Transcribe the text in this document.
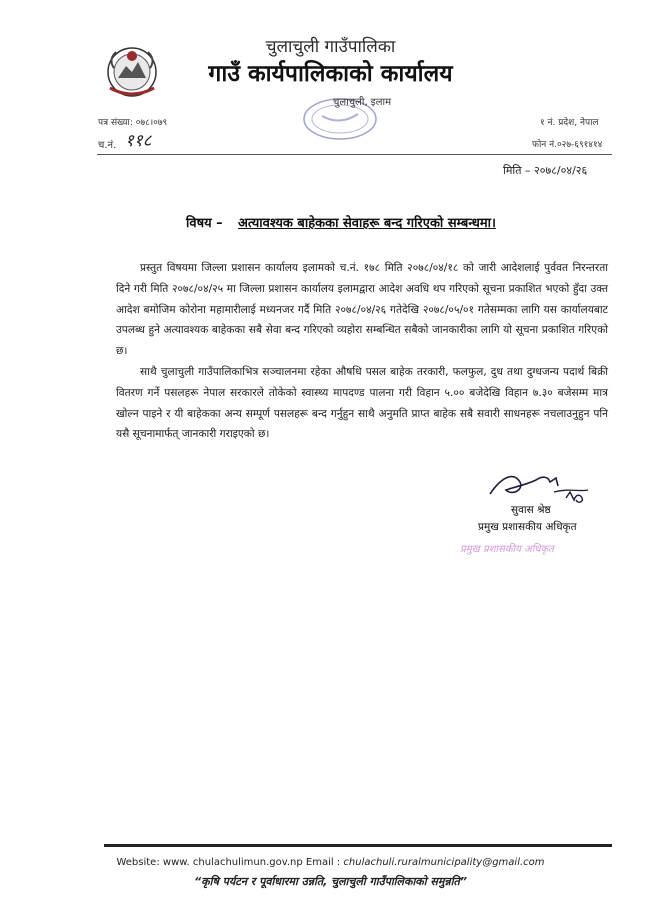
चुलाचुली गाउँपालिका
गाउँ कार्यपालिकाको कार्यालय
चुलाचुली, इलाम
पत्र संख्या: ०७८।०७९	१ नं. प्रदेश, नेपाल
च.नं. ११८	फोन नं.०२७-६९१४१४
मिति – २०७८/०४/२६
विषय – अत्यावश्यक बाहेकका सेवाहरू बन्द गरिएको सम्बन्धमा।
प्रस्तुत विषयमा जिल्ला प्रशासन कार्यालय इलामको च.नं. १७८ मिति २०७८/०४/१८ को जारी आदेशलाई पुर्ववत निरन्तरता दिने गरी मिति २०७८/०४/२५ मा जिल्ला प्रशासन कार्यालय इलामद्वारा आदेश अवधि थप गरिएको सूचना प्रकाशित भएको हुँदा उक्त आदेश बमोजिम कोरोना महामारीलाई मध्यनजर गर्दै मिति २०७८/०४/२६ गतेदेखि २०७८/०५/०१ गतेसम्मका लागि यस कार्यालयबाट उपलब्ध हुने अत्यावश्यक बाहेकका सबै सेवा बन्द गरिएको व्यहोरा सम्बन्धित सबैको जानकारीका लागि यो सूचना प्रकाशित गरिएको छ।
साथै चुलाचुली गाउँपालिकाभित्र सञ्चालनमा रहेका औषधि पसल बाहेक तरकारी, फलफुल, दुध तथा दुग्धजन्य पदार्थ बिक्री वितरण गर्ने पसलहरू नेपाल सरकारले तोकेको स्वास्थ्य मापदण्ड पालना गरी विहान ५.०० बजेदेखि विहान ७.३० बजेसम्म मात्र खोल्न पाइने र यी बाहेकका अन्य सम्पूर्ण पसलहरू बन्द गर्नुहुन साथै अनुमति प्राप्त बाहेक सबै सवारी साधनहरू नचलाउनुहुन पनि यसै सूचनामार्फत् जानकारी गराइएको छ।
सुवास श्रेष्ठ
प्रमुख प्रशासकीय अधिकृत
प्रमुख प्रशासकीय अधिकृत
Website: www. chulachulimun.gov.np Email : chulachuli.ruralmunicipality@gmail.com
“कृषि पर्यटन र पूर्वाधारमा उन्नति, चुलाचुली गाउँपालिकाको समुन्नति”
